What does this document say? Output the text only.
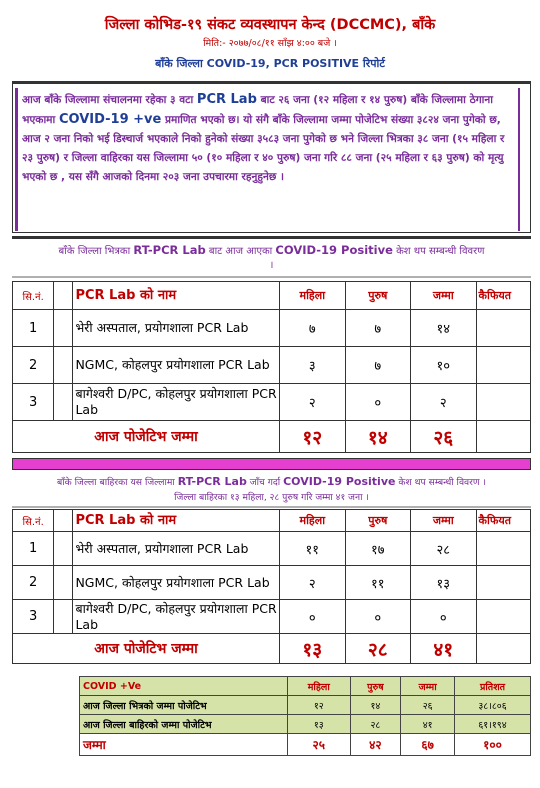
जिल्ला कोभिड-१९ संकट व्यवस्थापन केन्द (DCCMC), बाँके
मिति:- २०७७/०८/११ साँझ ४:०० बजे ।
बाँके जिल्ला COVID-19, PCR POSITIVE रिपोर्ट
आज बाँके जिल्लामा संचालनमा रहेका ३ वटा PCR Lab बाट २६ जना (१२ महिला र १४ पुरुष) बाँके जिल्लामा ठेगाना भएकामा COVID-19 +ve प्रमाणित भएको छ। यो संगै बाँके जिल्लामा जम्मा पोजेटिभ संख्या ३८२४ जना पुगेको छ, आज २ जना निको भई डिस्चार्ज भएकाले निको हुनेको संख्या ३५८३ जना पुगेको छ भने जिल्ला भित्रका ३८ जना (१५ महिला र २३ पुरुष) र जिल्ला वाहिरका यस जिल्लामा ५० (१० महिला र ४० पुरुष) जना गरि ८८ जना (२५ महिला र ६३ पुरुष) को मृत्यु भएको छ , यस सँगै आजको दिनमा २०३ जना उपचारमा रहनुहुनेछ ।
बाँके जिल्ला भित्रका RT-PCR Lab बाट आज आएका COVID-19 Positive केश थप सम्बन्धी विवरण
।
सि.नं.		PCR Lab को नाम	महिला	पुरुष	जम्मा	कैफियत
1		भेरी अस्पताल, प्रयोगशाला PCR Lab	७	७	१४	
2		NGMC, कोहलपुर प्रयोगशाला PCR Lab	३	७	१०	
3		बागेश्वरी D/PC, कोहलपुर प्रयोगशाला PCR Lab	२	०	२	
आज पोजेटिभ जम्मा			१२	१४	२६	
बाँके जिल्ला बाहिरका यस जिल्लामा RT-PCR Lab जाँच गर्दा COVID-19 Positive केश थप सम्बन्धी विवरण ।
जिल्ला बाहिरका १३ महिला, २८ पुरुष गरि जम्मा ४१ जना ।
सि.नं.		PCR Lab को नाम	महिला	पुरुष	जम्मा	कैफियत
1		भेरी अस्पताल, प्रयोगशाला PCR Lab	११	१७	२८	
2		NGMC, कोहलपुर प्रयोगशाला PCR Lab	२	११	१३	
3		बागेश्वरी D/PC, कोहलपुर प्रयोगशाला PCR Lab	०	०	०	
आज पोजेटिभ जम्मा			१३	२८	४१	
COVID +Ve	महिला	पुरुष	जम्मा	प्रतिशत
आज जिल्ला भित्रको जम्मा पोजेटिभ	१२	१४	२६	३८।८०६
आज जिल्ला बाहिरको जम्मा पोजेटिभ	१३	२८	४१	६१।१९४
जम्मा	२५	४२	६७	१००
